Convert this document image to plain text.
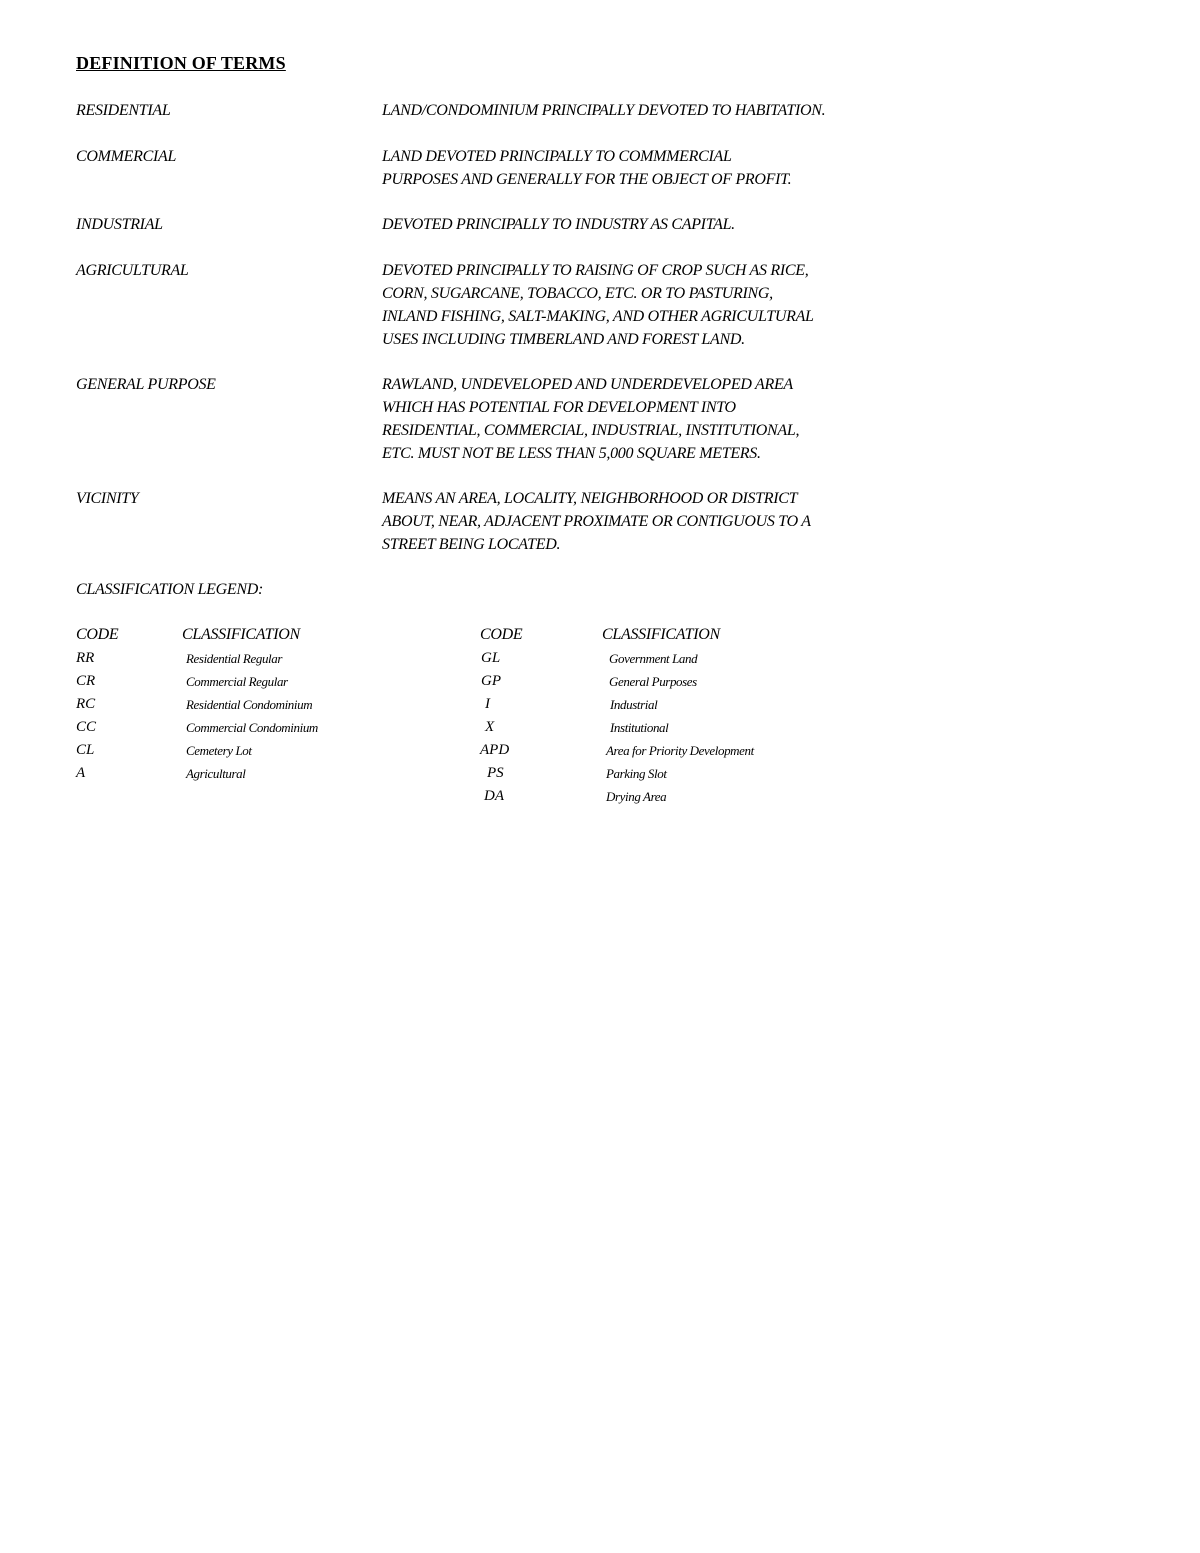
DEFINITION OF TERMS
RESIDENTIAL	LAND/CONDOMINIUM PRINCIPALLY DEVOTED TO HABITATION.
COMMERCIAL	LAND DEVOTED PRINCIPALLY TO COMMMERCIAL
PURPOSES AND GENERALLY FOR THE OBJECT OF PROFIT.
INDUSTRIAL	DEVOTED PRINCIPALLY TO INDUSTRY AS CAPITAL.
AGRICULTURAL	DEVOTED PRINCIPALLY TO RAISING OF CROP SUCH AS RICE,
CORN, SUGARCANE, TOBACCO, ETC. OR TO PASTURING,
INLAND FISHING, SALT-MAKING, AND OTHER AGRICULTURAL
USES INCLUDING TIMBERLAND AND FOREST LAND.
GENERAL PURPOSE	RAWLAND, UNDEVELOPED AND UNDERDEVELOPED AREA
WHICH HAS POTENTIAL FOR DEVELOPMENT INTO
RESIDENTIAL, COMMERCIAL, INDUSTRIAL, INSTITUTIONAL,
ETC. MUST NOT BE LESS THAN 5,000 SQUARE METERS.
VICINITY	MEANS AN AREA, LOCALITY, NEIGHBORHOOD OR DISTRICT
ABOUT, NEAR, ADJACENT PROXIMATE OR CONTIGUOUS TO A
STREET BEING LOCATED.
CLASSIFICATION LEGEND:
CODE	CLASSIFICATION	CODE	CLASSIFICATION
RR	Residential Regular
CR	Commercial Regular
RC	Residential Condominium
CC	Commercial Condominium
CL	Cemetery Lot
A	Agricultural
GL	Government Land
GP	General Purposes
I	Industrial
X	Institutional
APD	Area for Priority Development
PS	Parking Slot
DA	Drying Area
